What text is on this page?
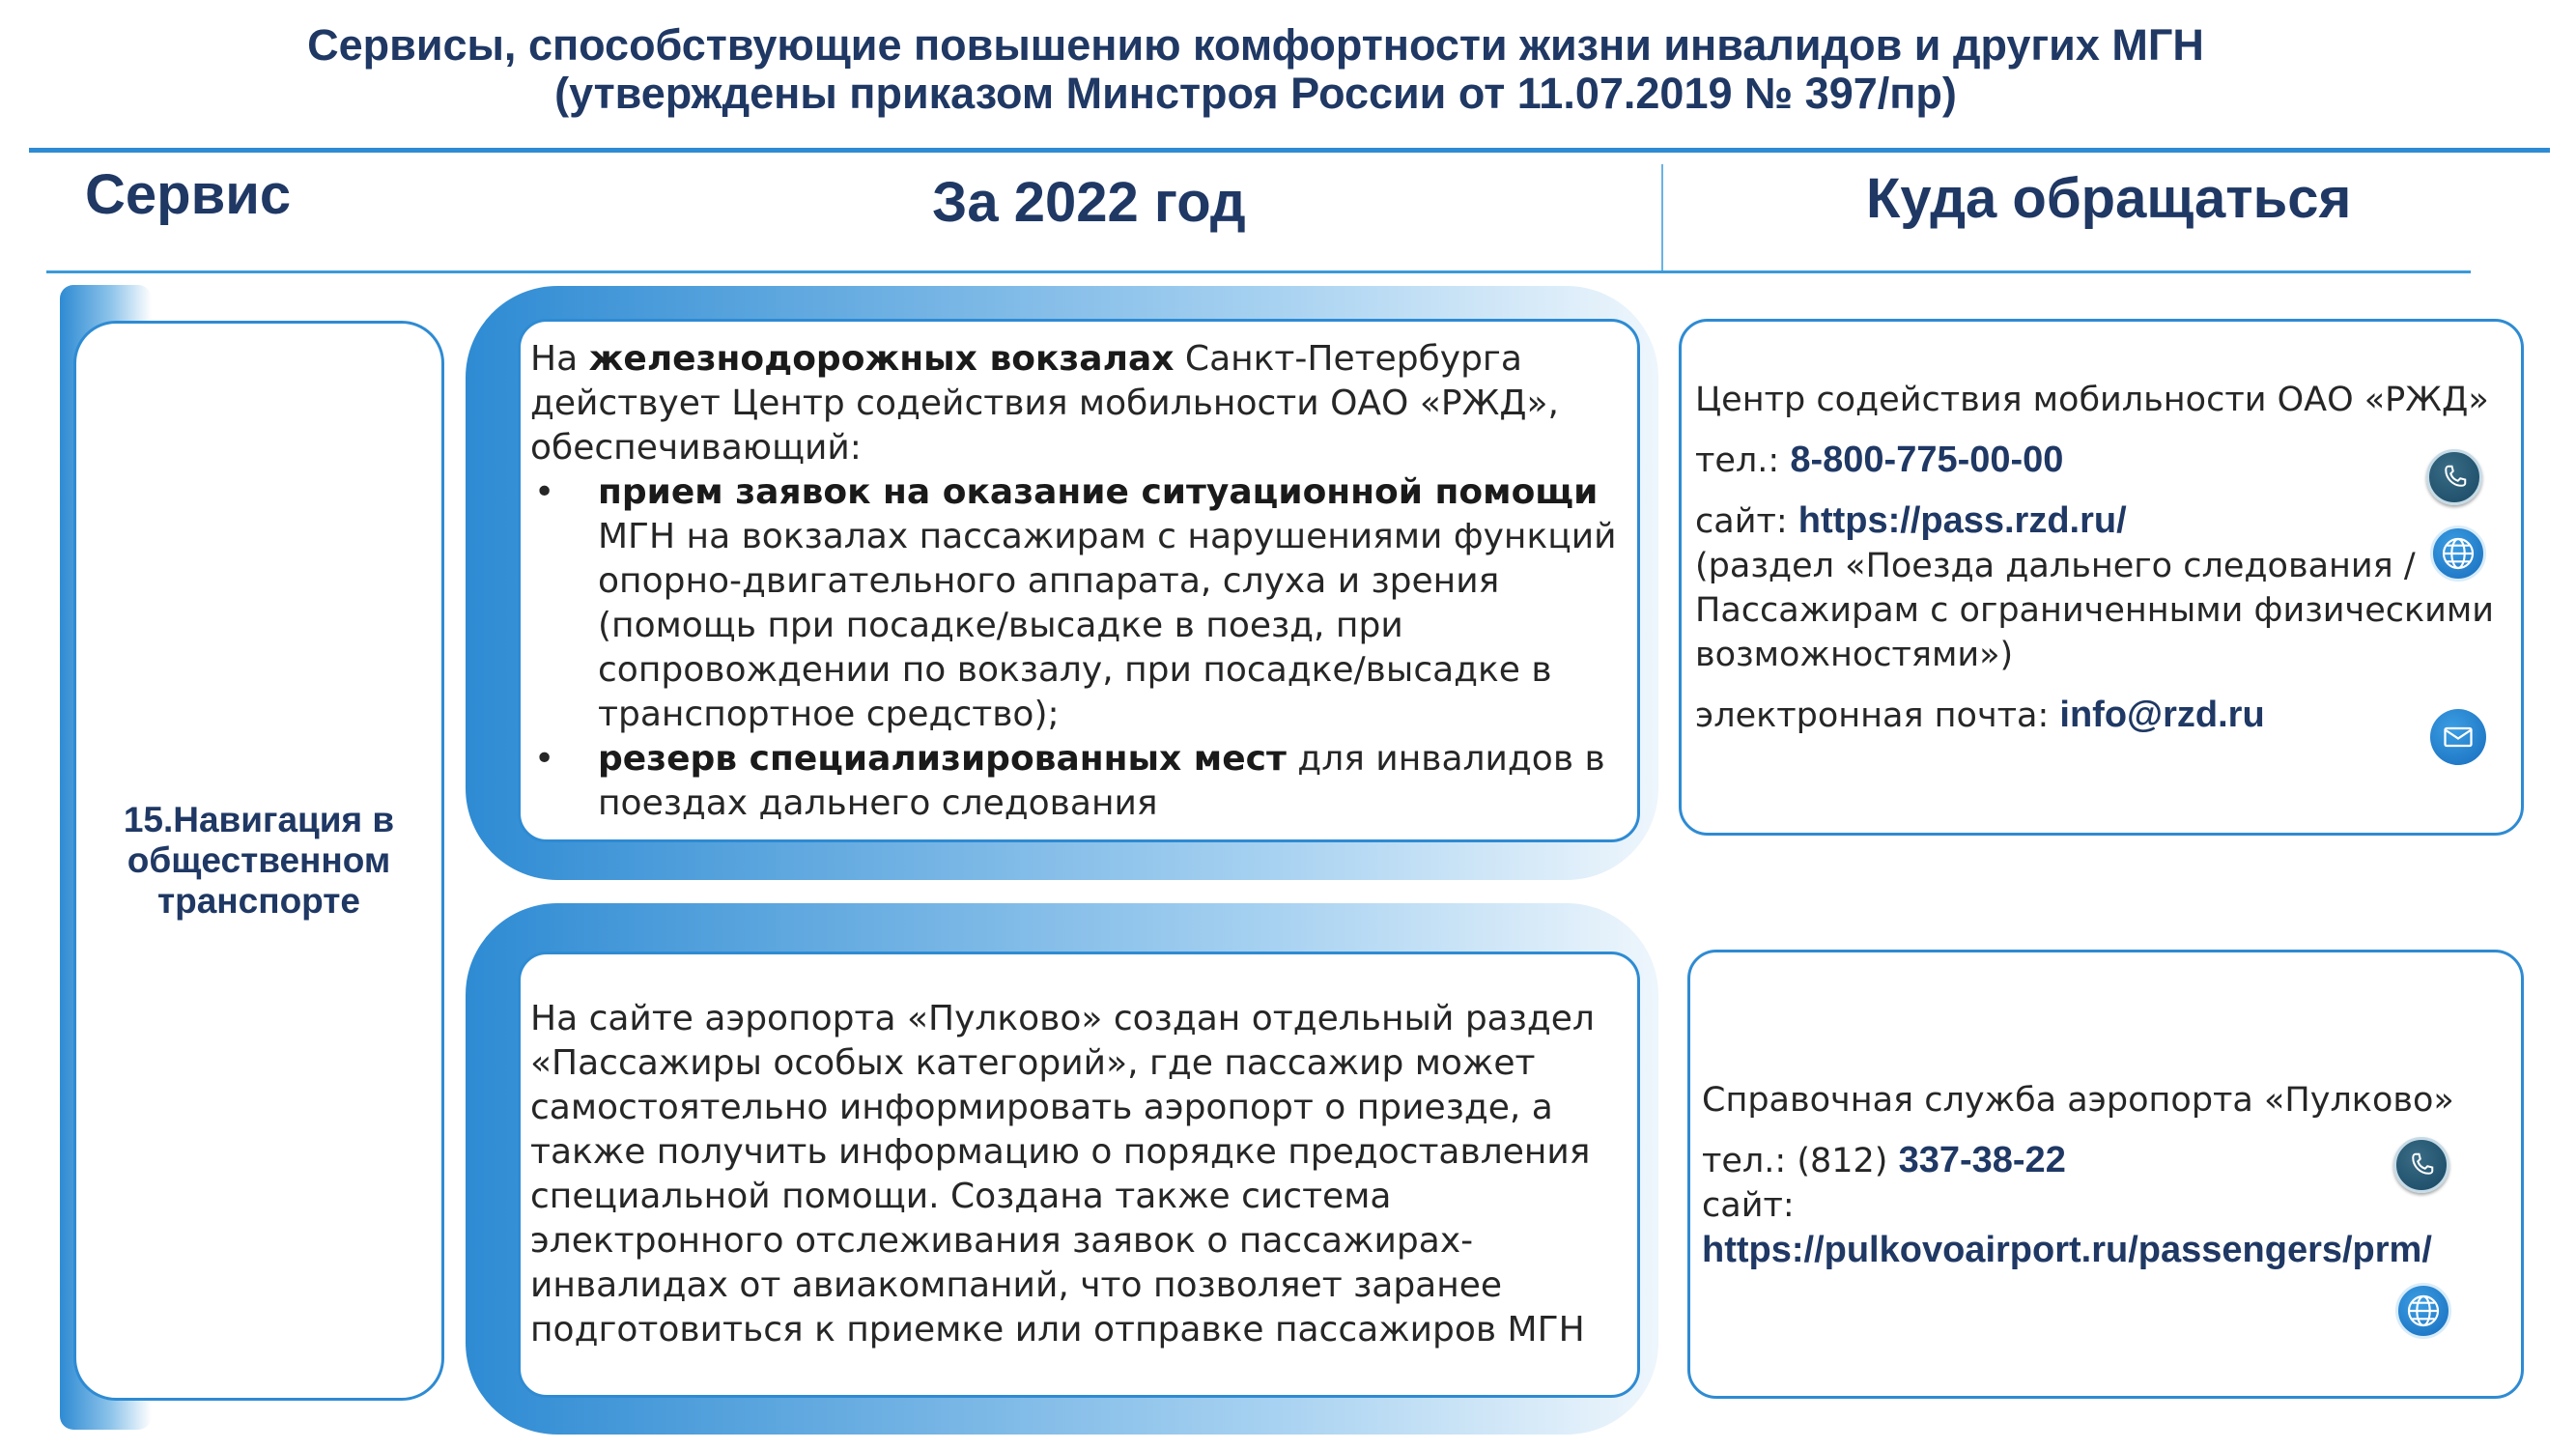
Сервисы, способствующие повышению комфортности жизни инвалидов и других МГН
(утверждены приказом Минстроя России от 11.07.2019 № 397/пр)
Сервис	За 2022 год	Куда обращаться
15.Навигация в общественном транспорте

На железнодорожных вокзалах Санкт-Петербурга действует Центр содействия мобильности ОАО «РЖД», обеспечивающий:

•	прием заявок на оказание ситуационной помощи МГН на вокзалах пассажирам с нарушениями функций опорно-двигательного аппарата, слуха и зрения (помощь при посадке/высадке в поезд, при сопровождении по вокзалу, при посадке/высадке в транспортное средство);
•	резерв специализированных мест для инвалидов в поездах дальнего следования

На сайте аэропорта «Пулково» создан отдельный раздел «Пассажиры особых категорий», где пассажир может самостоятельно информировать аэропорт о приезде, а также получить информацию о порядке предоставления специальной помощи. Создана также система электронного отслеживания заявок о пассажирах-инвалидах от авиакомпаний, что позволяет заранее подготовиться к приемке или отправке пассажиров МГН

Центр содействия мобильности ОАО «РЖД»

тел.: 8-800-775-00-00

сайт: https://pass.rzd.ru/

(раздел «Поезда дальнего следования / Пассажирам с ограниченными физическими возможностями»)

электронная почта: info@rzd.ru

Справочная служба аэропорта «Пулково»

тел.: (812) 337-38-22

сайт:

https://pulkovoairport.ru/passengers/prm/
